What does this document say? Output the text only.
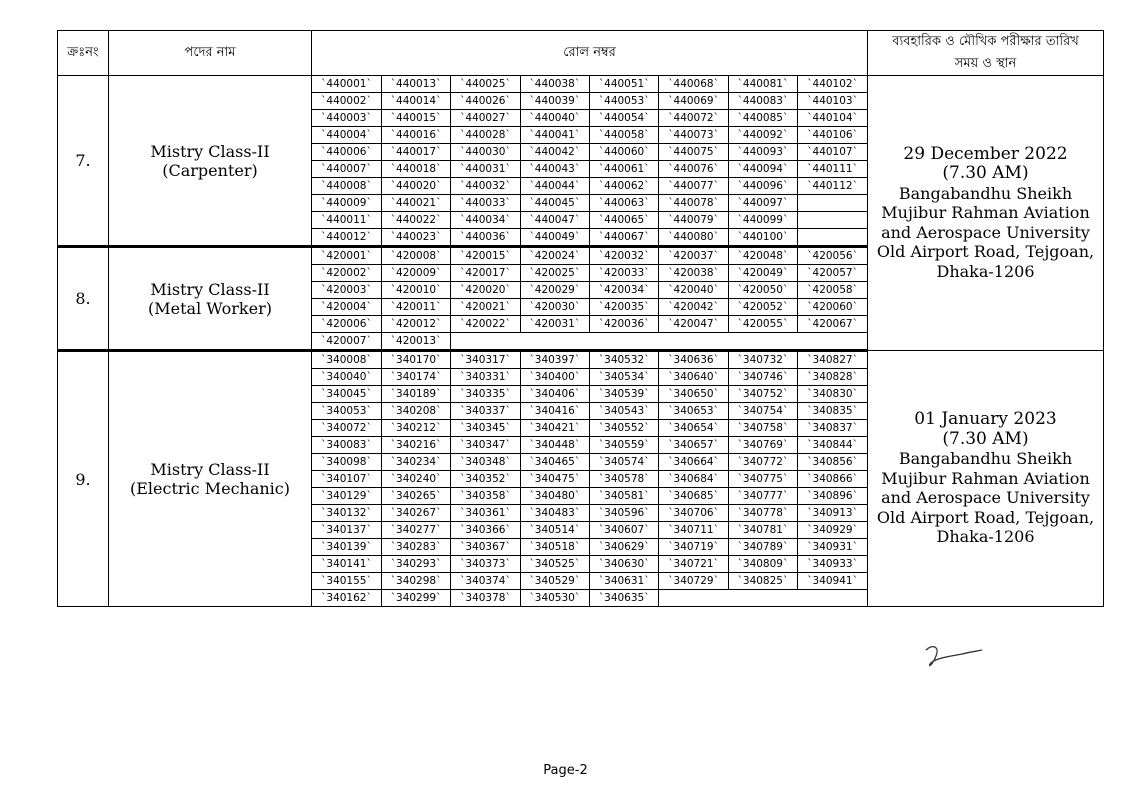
ক্রঃনং	পদের নাম	রোল নম্বর	
ব্যবহারিক ও মৌখিক পরীক্ষার তারিখ
সময় ও স্থান

7.	Mistry Class-II
(Carpenter)

`440001`	`440013`	`440025`	`440038`	`440051`	`440068`	`440081`	`440102`
`440002`	`440014`	`440026`	`440039`	`440053`	`440069`	`440083`	`440103`
`440003`	`440015`	`440027`	`440040`	`440054`	`440072`	`440085`	`440104`
`440004`	`440016`	`440028`	`440041`	`440058`	`440073`	`440092`	`440106`
`440006`	`440017`	`440030`	`440042`	`440060`	`440075`	`440093`	`440107`
`440007`	`440018`	`440031`	`440043`	`440061`	`440076`	`440094`	`440111`
`440008`	`440020`	`440032`	`440044`	`440062`	`440077`	`440096`	`440112`
`440009`	`440021`	`440033`	`440045`	`440063`	`440078`	`440097`	
`440011`	`440022`	`440034`	`440047`	`440065`	`440079`	`440099`	
`440012`	`440023`	`440036`	`440049`	`440067`	`440080`	`440100`	

29 December 2022
(7.30 AM)
Bangabandhu Sheikh
Mujibur Rahman Aviation
and Aerospace University
Old Airport Road, Tejgoan,
Dhaka-1206

8.	Mistry Class-II
(Metal Worker)

`420001`	`420008`	`420015`	`420024`	`420032`	`420037`	`420048`	`420056`
`420002`	`420009`	`420017`	`420025`	`420033`	`420038`	`420049`	`420057`
`420003`	`420010`	`420020`	`420029`	`420034`	`420040`	`420050`	`420058`
`420004`	`420011`	`420021`	`420030`	`420035`	`420042`	`420052`	`420060`
`420006`	`420012`	`420022`	`420031`	`420036`	`420047`	`420055`	`420067`
`420007`	`420013`						

9.	Mistry Class-II
(Electric Mechanic)

`340008`	`340170`	`340317`	`340397`	`340532`	`340636`	`340732`	`340827`
`340040`	`340174`	`340331`	`340400`	`340534`	`340640`	`340746`	`340828`
`340045`	`340189`	`340335`	`340406`	`340539`	`340650`	`340752`	`340830`
`340053`	`340208`	`340337`	`340416`	`340543`	`340653`	`340754`	`340835`
`340072`	`340212`	`340345`	`340421`	`340552`	`340654`	`340758`	`340837`
`340083`	`340216`	`340347`	`340448`	`340559`	`340657`	`340769`	`340844`
`340098`	`340234`	`340348`	`340465`	`340574`	`340664`	`340772`	`340856`
`340107`	`340240`	`340352`	`340475`	`340578`	`340684`	`340775`	`340866`
`340129`	`340265`	`340358`	`340480`	`340581`	`340685`	`340777`	`340896`
`340132`	`340267`	`340361`	`340483`	`340596`	`340706`	`340778`	`340913`
`340137`	`340277`	`340366`	`340514`	`340607`	`340711`	`340781`	`340929`
`340139`	`340283`	`340367`	`340518`	`340629`	`340719`	`340789`	`340931`
`340141`	`340293`	`340373`	`340525`	`340630`	`340721`	`340809`	`340933`
`340155`	`340298`	`340374`	`340529`	`340631`	`340729`	`340825`	`340941`
`340162`	`340299`	`340378`	`340530`	`340635`			

01 January 2023
(7.30 AM)
Bangabandhu Sheikh
Mujibur Rahman Aviation
and Aerospace University
Old Airport Road, Tejgoan,
Dhaka-1206
Page-2
